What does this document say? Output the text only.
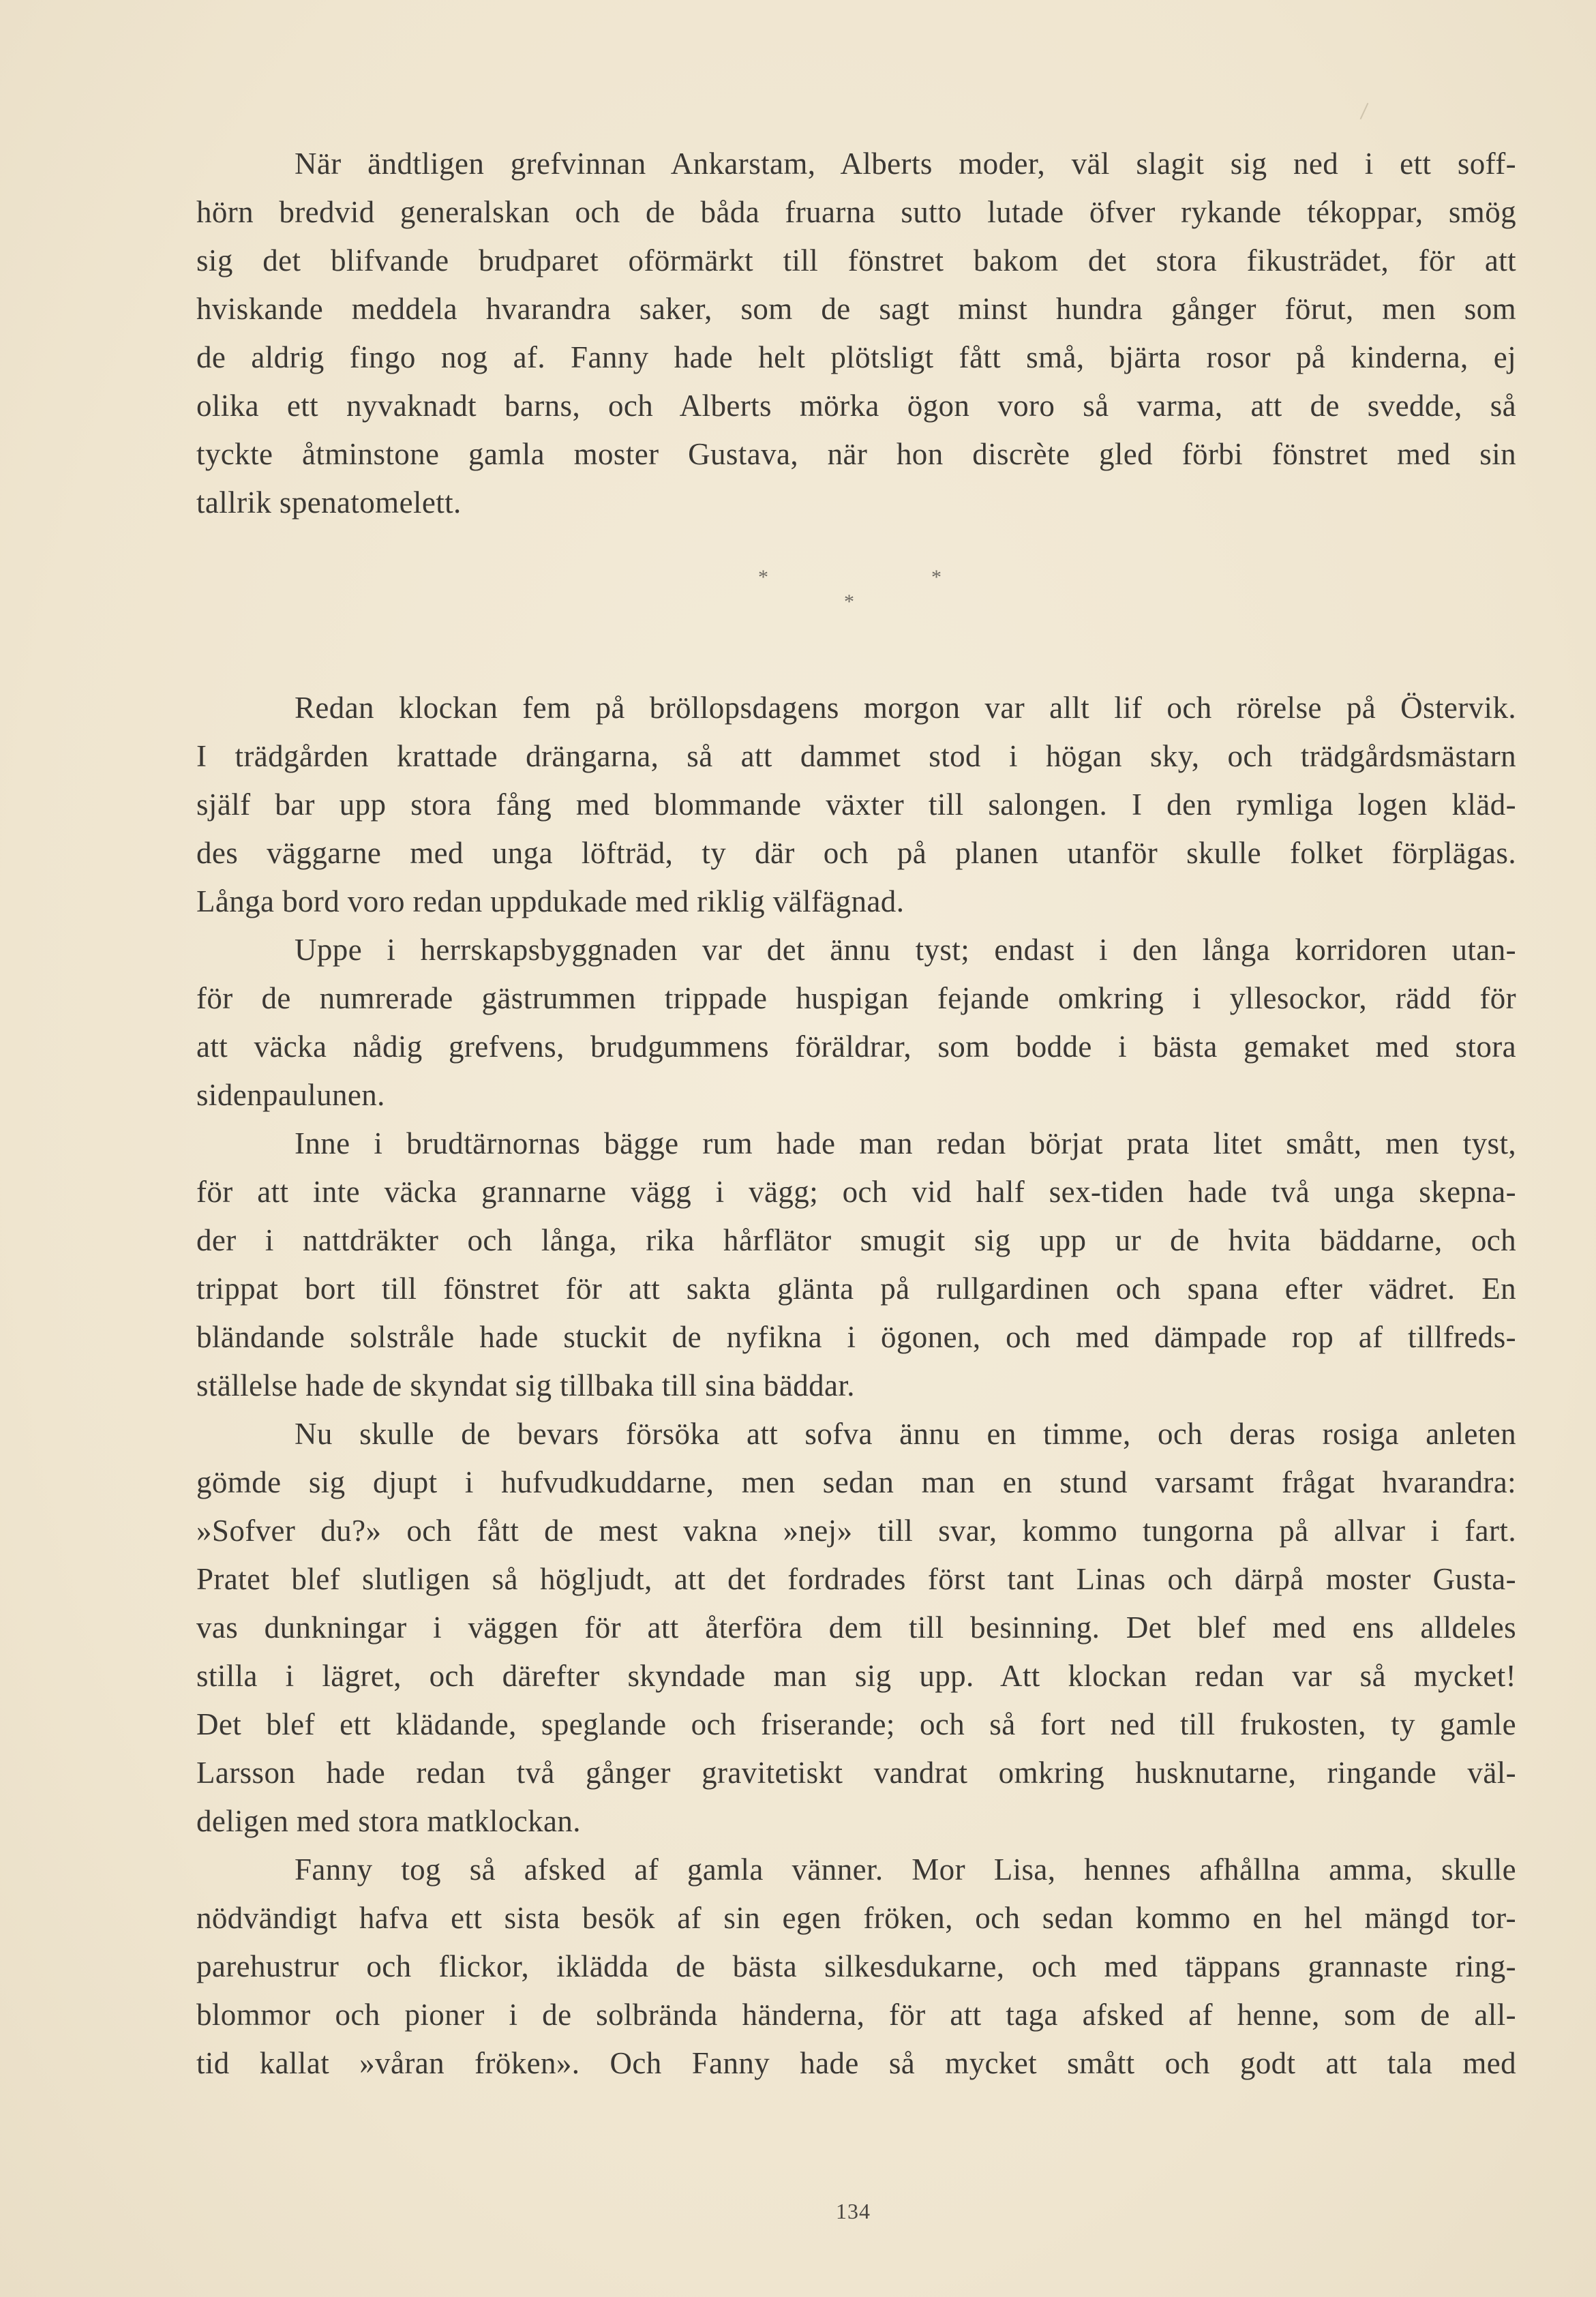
När ändtligen grefvinnan Ankarstam, Alberts moder, väl slagit sig ned i ett soff-
hörn bredvid generalskan och de båda fruarna sutto lutade öfver rykande tékoppar, smög
sig det blifvande brudparet oförmärkt till fönstret bakom det stora fikusträdet, för att
hviskande meddela hvarandra saker, som de sagt minst hundra gånger förut, men som
de aldrig fingo nog af. Fanny hade helt plötsligt fått små, bjärta rosor på kinderna, ej
olika ett nyvaknadt barns, och Alberts mörka ögon voro så varma, att de svedde, så
tyckte åtminstone gamla moster Gustava, när hon discrète gled förbi fönstret med sin
tallrik spenatomelett.
*	*
*
Redan klockan fem på bröllopsdagens morgon var allt lif och rörelse på Östervik.
I trädgården krattade drängarna, så att dammet stod i högan sky, och trädgårdsmästarn
själf bar upp stora fång med blommande växter till salongen. I den rymliga logen kläd-
des väggarne med unga löfträd, ty där och på planen utanför skulle folket förplägas.
Långa bord voro redan uppdukade med riklig välfägnad.
Uppe i herrskapsbyggnaden var det ännu tyst; endast i den långa korridoren utan-
för de numrerade gästrummen trippade huspigan fejande omkring i yllesockor, rädd för
att väcka nådig grefvens, brudgummens föräldrar, som bodde i bästa gemaket med stora
sidenpaulunen.
Inne i brudtärnornas bägge rum hade man redan börjat prata litet smått, men tyst,
för att inte väcka grannarne vägg i vägg; och vid half sex-tiden hade två unga skepna-
der i nattdräkter och långa, rika hårflätor smugit sig upp ur de hvita bäddarne, och
trippat bort till fönstret för att sakta glänta på rullgardinen och spana efter vädret. En
bländande solstråle hade stuckit de nyfikna i ögonen, och med dämpade rop af tillfreds-
ställelse hade de skyndat sig tillbaka till sina bäddar.
Nu skulle de bevars försöka att sofva ännu en timme, och deras rosiga anleten
gömde sig djupt i hufvudkuddarne, men sedan man en stund varsamt frågat hvarandra:
»Sofver du?» och fått de mest vakna »nej» till svar, kommo tungorna på allvar i fart.
Pratet blef slutligen så högljudt, att det fordrades först tant Linas och därpå moster Gusta-
vas dunkningar i väggen för att återföra dem till besinning. Det blef med ens alldeles
stilla i lägret, och därefter skyndade man sig upp. Att klockan redan var så mycket!
Det blef ett klädande, speglande och friserande; och så fort ned till frukosten, ty gamle
Larsson hade redan två gånger gravitetiskt vandrat omkring husknutarne, ringande väl-
deligen med stora matklockan.
Fanny tog så afsked af gamla vänner. Mor Lisa, hennes afhållna amma, skulle
nödvändigt hafva ett sista besök af sin egen fröken, och sedan kommo en hel mängd tor-
parehustrur och flickor, iklädda de bästa silkesdukarne, och med täppans grannaste ring-
blommor och pioner i de solbrända händerna, för att taga afsked af henne, som de all-
tid kallat »våran fröken». Och Fanny hade så mycket smått och godt att tala med
134
